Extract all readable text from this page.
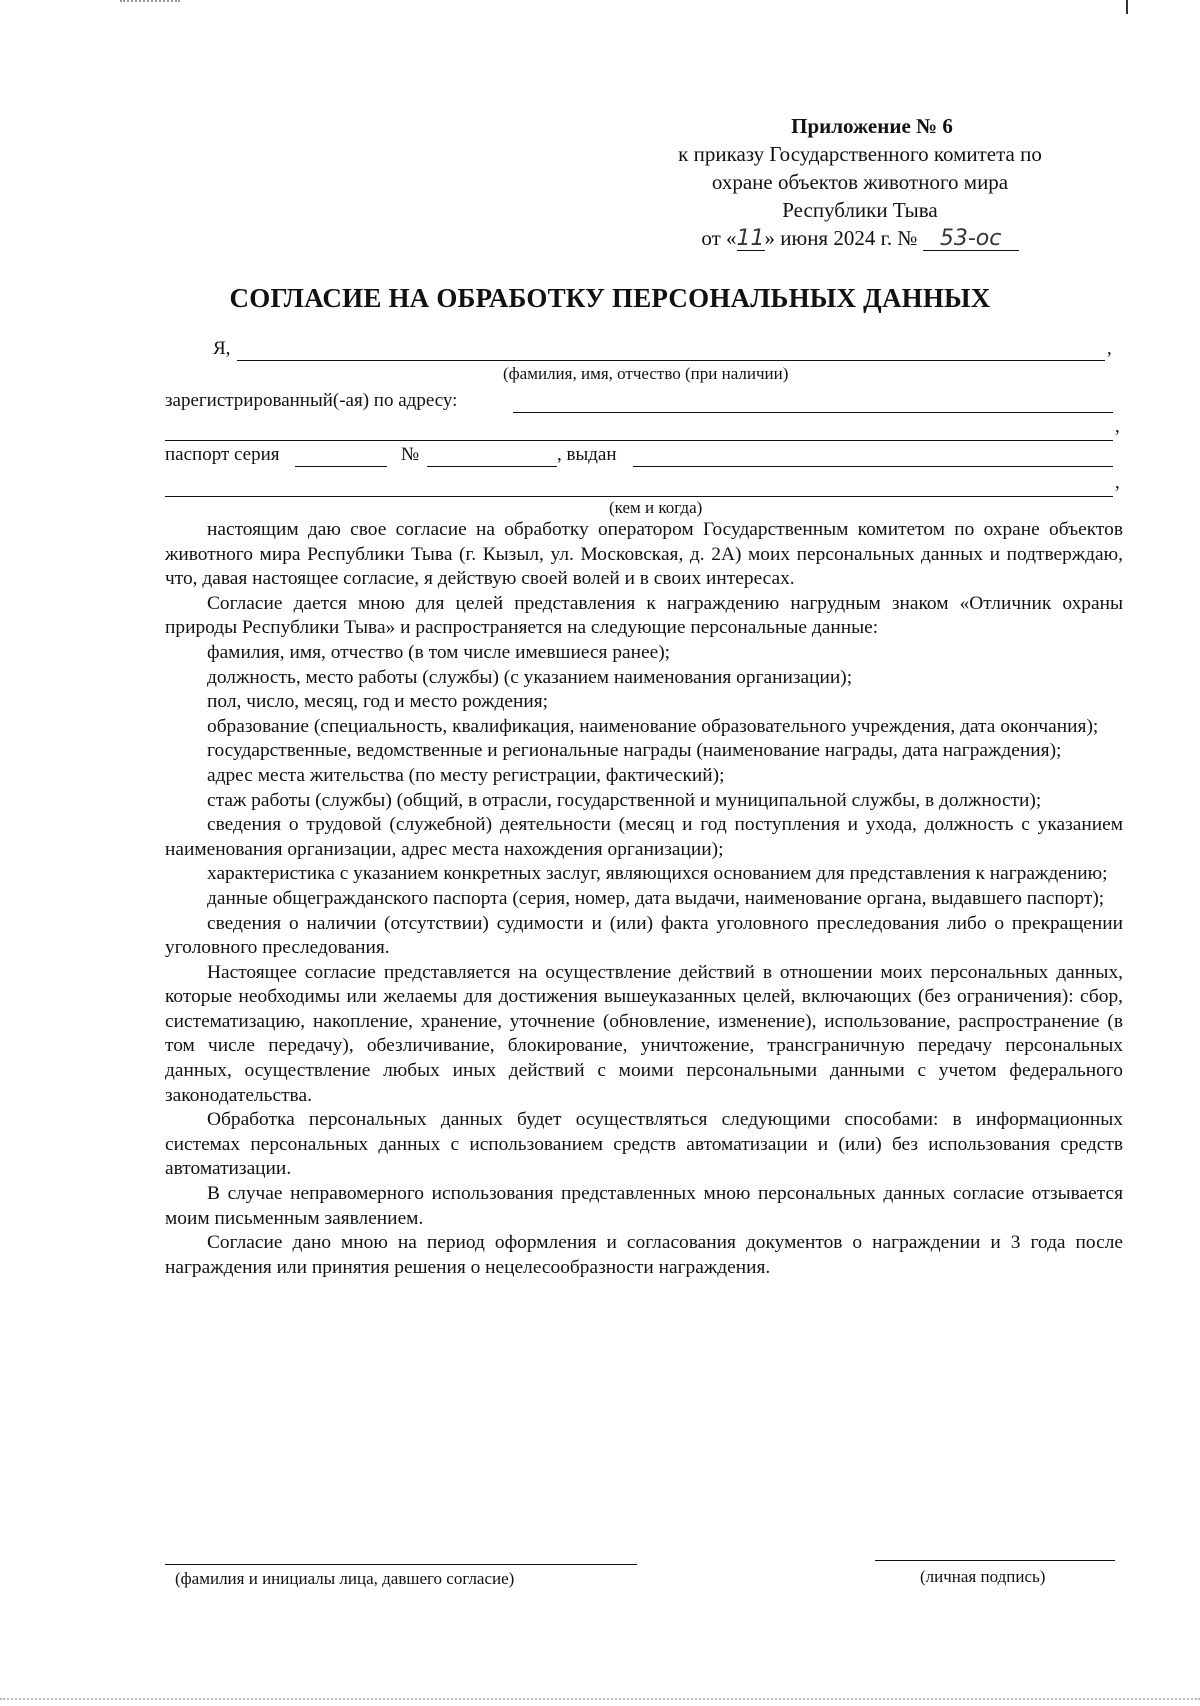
Приложение № 6
к приказу Государственного комитета по
охране объектов животного мира
Республики Тыва
от «11» июня 2024 г. № 53-ос
СОГЛАСИЕ НА ОБРАБОТКУ ПЕРСОНАЛЬНЫХ ДАННЫХ
Я,	,
(фамилия, имя, отчество (при наличии)
зарегистрированный(-ая) по адресу:
,
паспорт серия	№	, выдан
,
(кем и когда)

настоящим даю свое согласие на обработку оператором Государственным комитетом по охране объектов животного мира Республики Тыва (г. Кызыл, ул. Московская, д. 2А) моих персональных данных и подтверждаю, что, давая настоящее согласие, я действую своей волей и в своих интересах.

Согласие дается мною для целей представления к награждению нагрудным знаком «Отличник охраны природы Республики Тыва» и распространяется на следующие персональные данные:

фамилия, имя, отчество (в том числе имевшиеся ранее);

должность, место работы (службы) (с указанием наименования организации);

пол, число, месяц, год и место рождения;

образование (специальность, квалификация, наименование образовательного учреждения, дата окончания);

государственные, ведомственные и региональные награды (наименование награды, дата награждения);

адрес места жительства (по месту регистрации, фактический);

стаж работы (службы) (общий, в отрасли, государственной и муниципальной службы, в должности);

сведения о трудовой (служебной) деятельности (месяц и год поступления и ухода, должность с указанием наименования организации, адрес места нахождения организации);

характеристика с указанием конкретных заслуг, являющихся основанием для представления к награждению;

данные общегражданского паспорта (серия, номер, дата выдачи, наименование органа, выдавшего паспорт);

сведения о наличии (отсутствии) судимости и (или) факта уголовного преследования либо о прекращении уголовного преследования.

Настоящее согласие представляется на осуществление действий в отношении моих персональных данных, которые необходимы или желаемы для достижения вышеуказанных целей, включающих (без ограничения): сбор, систематизацию, накопление, хранение, уточнение (обновление, изменение), использование, распространение (в том числе передачу), обезличивание, блокирование, уничтожение, трансграничную передачу персональных данных, осуществление любых иных действий с моими персональными данными с учетом федерального законодательства.

Обработка персональных данных будет осуществляться следующими способами: в информационных системах персональных данных с использованием средств автоматизации и (или) без использования средств автоматизации.

В случае неправомерного использования представленных мною персональных данных согласие отзывается моим письменным заявлением.

Согласие дано мною на период оформления и согласования документов о награждении и 3 года после награждения или принятия решения о нецелесообразности награждения.

(фамилия и инициалы лица, давшего согласие)	(личная подпись)
